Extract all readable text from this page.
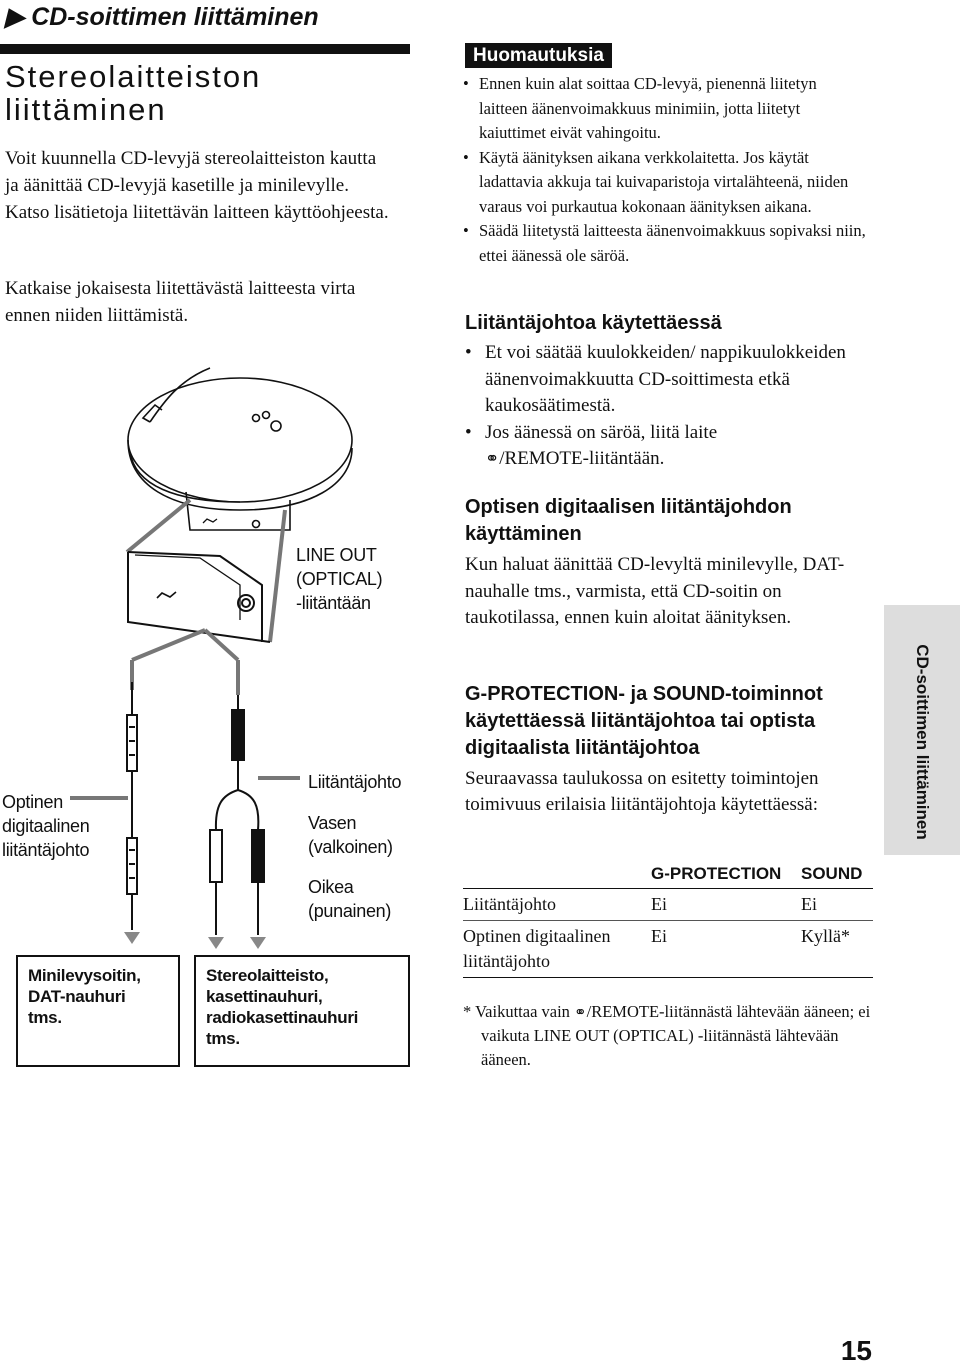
▶ CD-soittimen liittäminen
Stereolaitteiston
liittäminen
Voit kuunnella CD-levyjä stereolaitteiston kautta ja äänittää CD-levyjä kasetille ja minilevylle. Katso lisätietoja liitettävän laitteen käyttöohjeesta.
Katkaise jokaisesta liitettävästä laitteesta virta ennen niiden liittämistä.
LINE OUT
(OPTICAL)
-liitäntään
Liitäntäjohto
Vasen
(valkoinen)
Oikea
(punainen)
Optinen
digitaalinen
liitäntäjohto
Minilevysoitin,
DAT-nauhuri
tms.
Stereolaitteisto,
kasettinauhuri,
radiokasettinauhuri
tms.
Huomautuksia
• Ennen kuin alat soittaa CD-levyä, pienennä liitetyn laitteen äänenvoimakkuus minimiin, jotta liitetyt kaiuttimet eivät vahingoitu.
• Käytä äänityksen aikana verkkolaitetta. Jos käytät ladattavia akkuja tai kuivaparistoja virtalähteenä, niiden varaus voi purkautua kokonaan äänityksen aikana.
• Säädä liitetystä laitteesta äänenvoimakkuus sopivaksi niin, ettei äänessä ole säröä.
Liitäntäjohtoa käytettäessä
• Et voi säätää kuulokkeiden/ nappikuulokkeiden äänenvoimakkuutta CD-soittimesta etkä kaukosäätimestä.
• Jos äänessä on säröä, liitä laite
⚭/REMOTE-liitäntään.
Optisen digitaalisen liitäntäjohdon käyttäminen
Kun haluat äänittää CD-levyltä minilevylle, DAT-nauhalle tms., varmista, että CD-soitin on taukotilassa, ennen kuin aloitat äänityksen.
G-PROTECTION- ja SOUND-toiminnot käytettäessä liitäntäjohtoa tai optista digitaalista liitäntäjohtoa
Seuraavassa taulukossa on esitetty toimintojen toimivuus erilaisia liitäntäjohtoja käytettäessä:
	G-PROTECTION	SOUND
Liitäntäjohto	Ei	Ei
Optinen digitaalinen liitäntäjohto	Ei	Kyllä*
* Vaikuttaa vain ⚭/REMOTE-liitännästä lähtevään ääneen; ei vaikuta LINE OUT (OPTICAL) -liitännästä lähtevään ääneen.
CD-soittimen liittäminen
15
